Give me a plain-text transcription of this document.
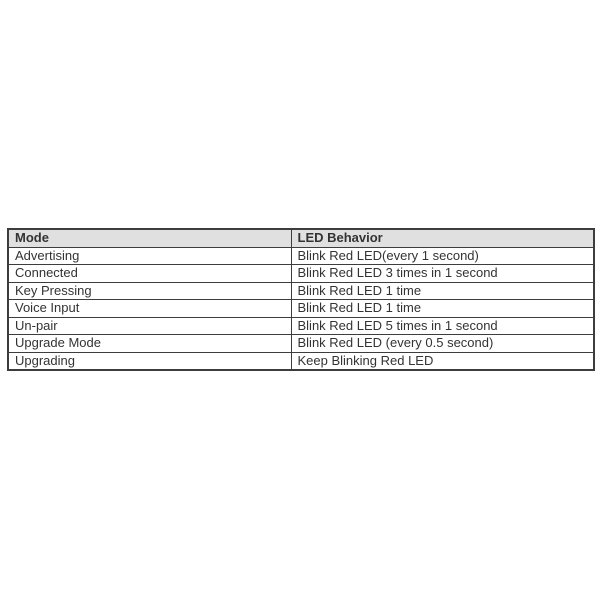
Mode	LED Behavior
Advertising	Blink Red LED(every 1 second)
Connected	Blink Red LED 3 times in 1 second
Key Pressing	Blink Red LED 1 time
Voice Input	Blink Red LED 1 time
Un-pair	Blink Red LED 5 times in 1 second
Upgrade Mode	Blink Red LED (every 0.5 second)
Upgrading	Keep Blinking Red LED
